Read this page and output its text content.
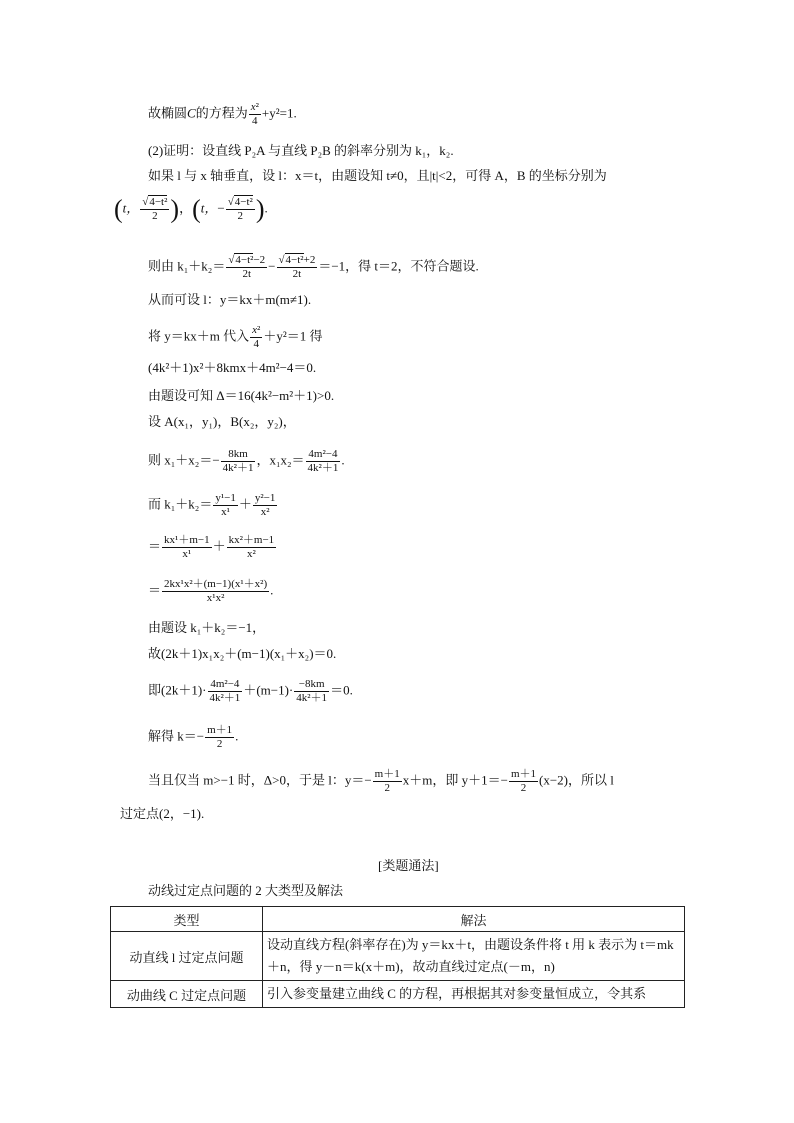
故椭圆C的方程为 $\frac{\text{x²}}{4} +y^2=1$.
(2)证明：设直线 P₂A 与直线 P₂B 的斜率分别为 k₁，k₂.
如果 l 与 x 轴垂直，设 l：x＝t，由题设知 t≠0，且|t|<2，可得 A，B 的坐标分别为
(t， $\frac{\text{√4−t²}}{2}$ )，(t，− $\frac{\text{√4−t²}}{2}$ ).
则由 $k_1+k_2= \frac{\text{√4−t²−2}}{2t} - \frac{\text{√4−t²+2}}{2t} =-1$，得 t＝2，不符合题设.
从而可设 l：y＝kx＋m(m≠1).
将 y＝kx＋m 代入 $\frac{\text{x²}}{4} +y^2=1$ 得
(4k²＋1)x²＋8kmx＋4m²−4＝0.
由题设可知 Δ＝16(4k²−m²＋1)>0.
设 A(x₁，y₁)，B(x₂，y₂)，
则 $x_1+x_2=- \frac{8km}{\text{4k²＋1}}$ ，$x_1x_2= \frac{\text{4m²−4}}{\text{4k²＋1}}$ .
而 $k_1+k_2= \frac{\text{y¹−1}}{\text{x¹}} + \frac{\text{y²−1}}{\text{x²}}$
＝ $\frac{\text{kx¹＋m−1}}{\text{x¹}} + \frac{\text{kx²＋m−1}}{\text{x²}}$
＝ $\frac{\text{2kx¹x²＋(m−1)(x¹＋x²)}}{\text{x¹x²}}$ .
由题设 k₁＋k₂＝−1，
故(2k＋1)x₁x₂＋(m−1)(x₁＋x₂)＝0.
即$(2k+1)\cdot \frac{\text{4m²−4}}{\text{4k²＋1}} +(m-1)\cdot \frac{-8km}{\text{4k²＋1}} =0$.
解得 $k=- \frac{m+1}{2}$ .
当且仅当 m>−1 时，Δ>0，于是 l：$y=- \frac{m+1}{2} x+m$，即 $y+1=- \frac{m+1}{2} (x-2)$，所以 l
过定点(2，−1).
[类题通法]
动线过定点问题的 2 大类型及解法
类型	解法
动直线 l 过定点问题	设动直线方程(斜率存在)为 y＝kx＋t，由题设条件将 t 用 k 表示为 t＝mk＋n，得 y－n＝k(x＋m)，故动直线过定点(－m，n)
动曲线 C 过定点问题	引入参变量建立曲线 C 的方程，再根据其对参变量恒成立，令其系
